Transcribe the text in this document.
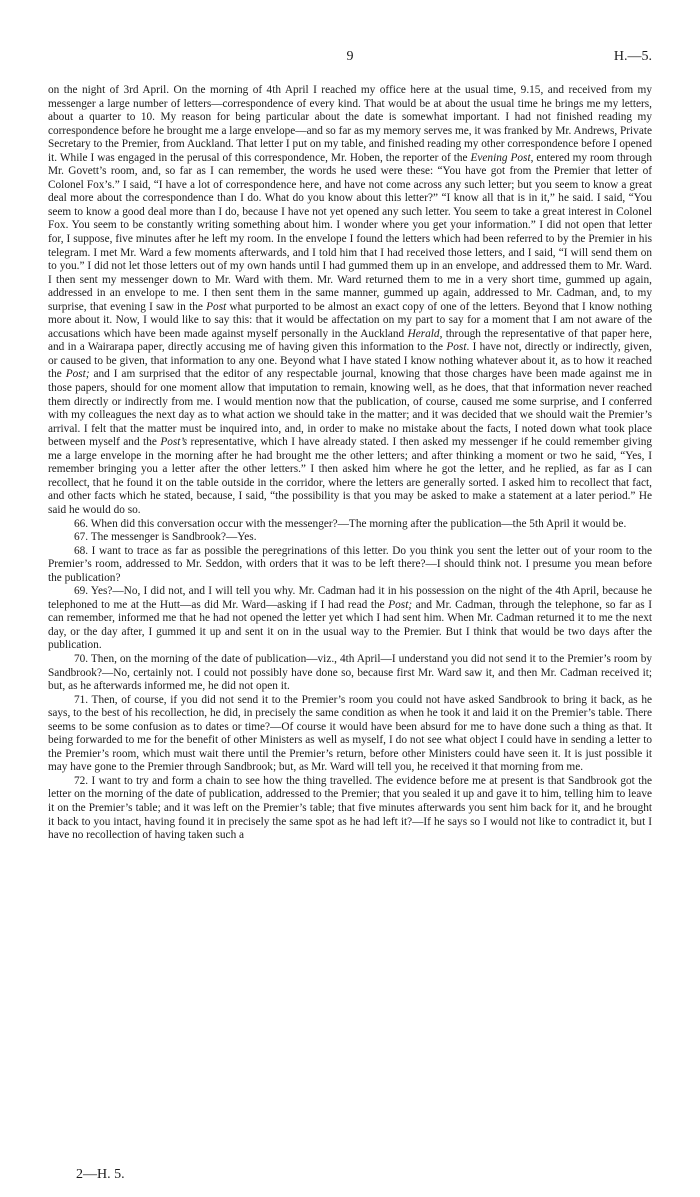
9	H.—5.

on the night of 3rd April. On the morning of 4th April I reached my office here at the usual time, 9.15, and received from my messenger a large number of letters—correspondence of every kind. That would be at about the usual time he brings me my letters, about a quarter to 10. My reason for being particular about the date is somewhat important. I had not finished reading my correspondence before he brought me a large envelope—and so far as my memory serves me, it was franked by Mr. Andrews, Private Secretary to the Premier, from Auckland. That letter I put on my table, and finished reading my other correspondence before I opened it. While I was engaged in the perusal of this correspondence, Mr. Hoben, the reporter of the Evening Post, entered my room through Mr. Govett’s room, and, so far as I can remember, the words he used were these: “You have got from the Premier that letter of Colonel Fox’s.” I said, “I have a lot of correspondence here, and have not come across any such letter; but you seem to know a great deal more about the correspondence than I do. What do you know about this letter?” “I know all that is in it,” he said. I said, “You seem to know a good deal more than I do, because I have not yet opened any such letter. You seem to take a great interest in Colonel Fox. You seem to be constantly writing something about him. I wonder where you get your information.” I did not open that letter for, I suppose, five minutes after he left my room. In the envelope I found the letters which had been referred to by the Premier in his telegram. I met Mr. Ward a few moments afterwards, and I told him that I had received those letters, and I said, “I will send them on to you.” I did not let those letters out of my own hands until I had gummed them up in an envelope, and addressed them to Mr. Ward. I then sent my messenger down to Mr. Ward with them. Mr. Ward returned them to me in a very short time, gummed up again, addressed in an envelope to me. I then sent them in the same manner, gummed up again, addressed to Mr. Cadman, and, to my surprise, that evening I saw in the Post what purported to be almost an exact copy of one of the letters. Beyond that I know nothing more about it. Now, I would like to say this: that it would be affectation on my part to say for a moment that I am not aware of the accusations which have been made against myself personally in the Auckland Herald, through the representative of that paper here, and in a Wairarapa paper, directly accusing me of having given this information to the Post. I have not, directly or indirectly, given, or caused to be given, that information to any one. Beyond what I have stated I know nothing whatever about it, as to how it reached the Post; and I am surprised that the editor of any respectable journal, knowing that those charges have been made against me in those papers, should for one moment allow that imputation to remain, knowing well, as he does, that that information never reached them directly or indirectly from me. I would mention now that the publication, of course, caused me some surprise, and I conferred with my colleagues the next day as to what action we should take in the matter; and it was decided that we should wait the Premier’s arrival. I felt that the matter must be inquired into, and, in order to make no mistake about the facts, I noted down what took place between myself and the Post’s representative, which I have already stated. I then asked my messenger if he could remember giving me a large envelope in the morning after he had brought me the other letters; and after thinking a moment or two he said, “Yes, I remember bringing you a letter after the other letters.” I then asked him where he got the letter, and he replied, as far as I can recollect, that he found it on the table outside in the corridor, where the letters are generally sorted. I asked him to recollect that fact, and other facts which he stated, because, I said, “the possibility is that you may be asked to make a statement at a later period.” He said he would do so.

66. When did this conversation occur with the messenger?—The morning after the publication—the 5th April it would be.

67. The messenger is Sandbrook?—Yes.

68. I want to trace as far as possible the peregrinations of this letter. Do you think you sent the letter out of your room to the Premier’s room, addressed to Mr. Seddon, with orders that it was to be left there?—I should think not. I presume you mean before the publication?

69. Yes?—No, I did not, and I will tell you why. Mr. Cadman had it in his possession on the night of the 4th April, because he telephoned to me at the Hutt—as did Mr. Ward—asking if I had read the Post; and Mr. Cadman, through the telephone, so far as I can remember, informed me that he had not opened the letter yet which I had sent him. When Mr. Cadman returned it to me the next day, or the day after, I gummed it up and sent it on in the usual way to the Premier. But I think that would be two days after the publication.

70. Then, on the morning of the date of publication—viz., 4th April—I understand you did not send it to the Premier’s room by Sandbrook?—No, certainly not. I could not possibly have done so, because first Mr. Ward saw it, and then Mr. Cadman received it; but, as he afterwards informed me, he did not open it.

71. Then, of course, if you did not send it to the Premier’s room you could not have asked Sandbrook to bring it back, as he says, to the best of his recollection, he did, in precisely the same condition as when he took it and laid it on the Premier’s table. There seems to be some confusion as to dates or time?—Of course it would have been absurd for me to have done such a thing as that. It being forwarded to me for the benefit of other Ministers as well as myself, I do not see what object I could have in sending a letter to the Premier’s room, which must wait there until the Premier’s return, before other Ministers could have seen it. It is just possible it may have gone to the Premier through Sandbrook; but, as Mr. Ward will tell you, he received it that morning from me.

72. I want to try and form a chain to see how the thing travelled. The evidence before me at present is that Sandbrook got the letter on the morning of the date of publication, addressed to the Premier; that you sealed it up and gave it to him, telling him to leave it on the Premier’s table; and it was left on the Premier’s table; that five minutes afterwards you sent him back for it, and he brought it back to you intact, having found it in precisely the same spot as he had left it?—If he says so I would not like to contradict it, but I have no recollection of having taken such a

2—H. 5.
